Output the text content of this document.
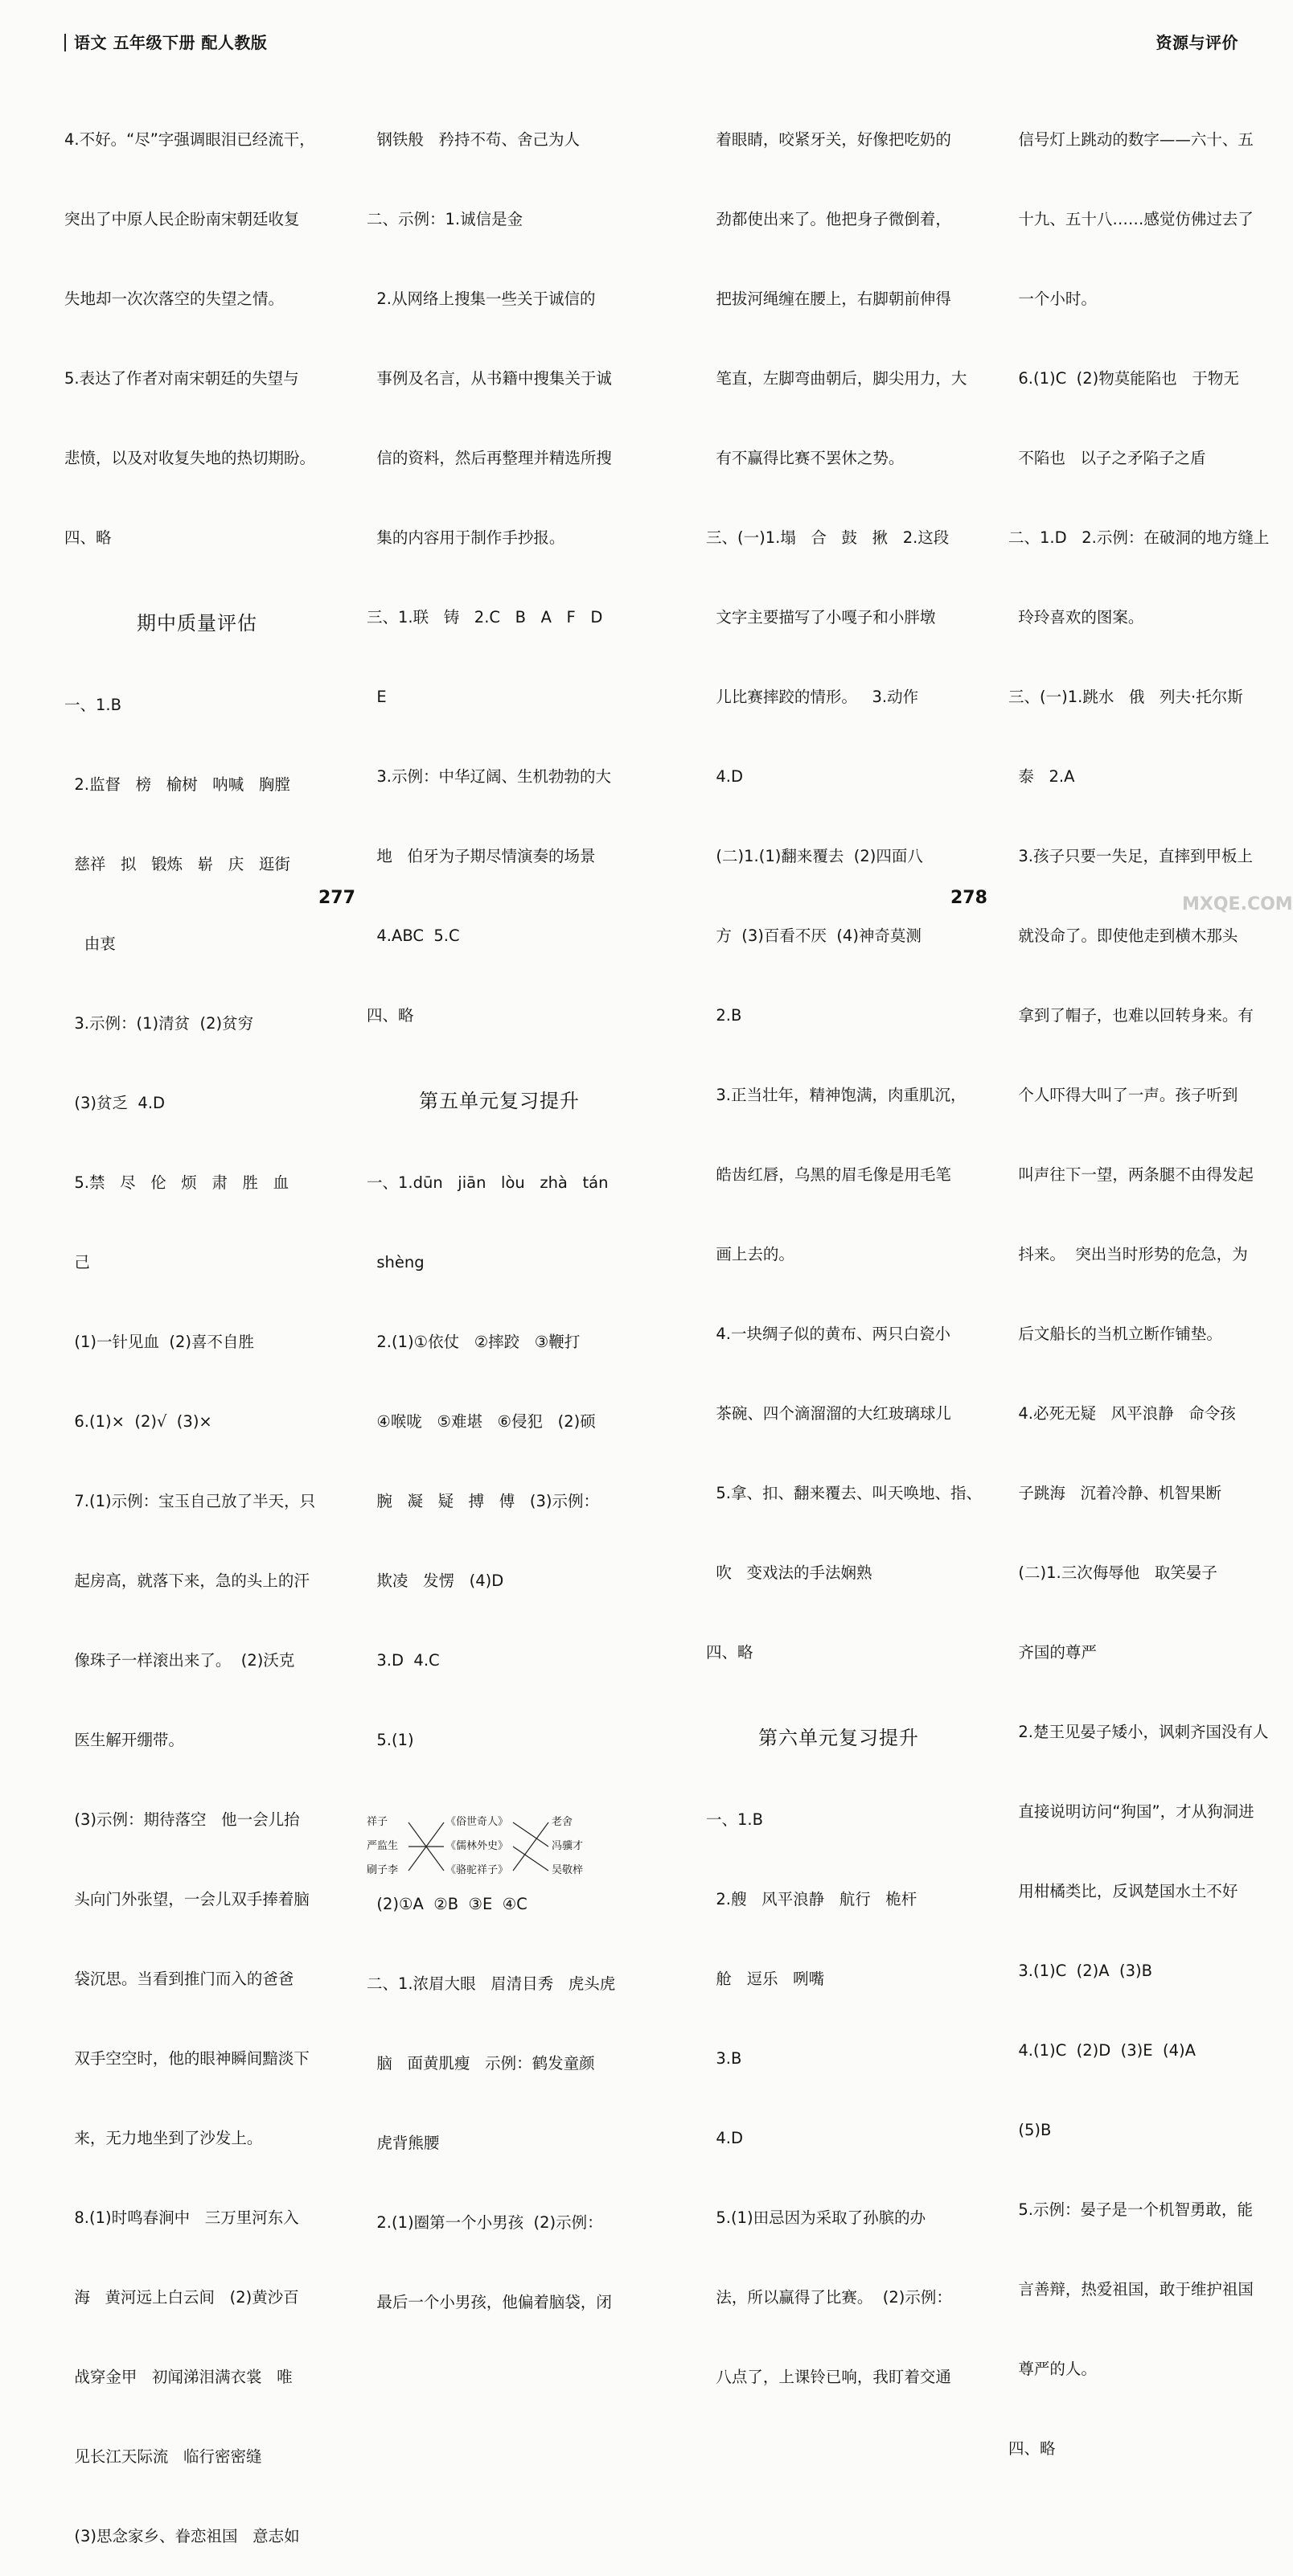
语文 五年级下册 配人教版	资源与评价

4.不好。“尽”字强调眼泪已经流干，

突出了中原人民企盼南宋朝廷收复

失地却一次次落空的失望之情。

5.表达了作者对南宋朝廷的失望与

悲愤，以及对收复失地的热切期盼。

四、略

期中质量评估

一、1.B

2.监督   榜   榆树   呐喊   胸膛

慈祥   拟   锻炼   崭   庆   逛街

由衷

3.示例：(1)清贫  (2)贫穷

(3)贫乏  4.D

5.禁   尽   伦   烦   肃   胜   血

己

(1)一针见血  (2)喜不自胜

6.(1)×  (2)√  (3)×

7.(1)示例：宝玉自己放了半天，只

起房高，就落下来，急的头上的汗

像珠子一样滚出来了。  (2)沃克

医生解开绷带。

(3)示例：期待落空   他一会儿抬

头向门外张望，一会儿双手捧着脑

袋沉思。当看到推门而入的爸爸

双手空空时，他的眼神瞬间黯淡下

来，无力地坐到了沙发上。

8.(1)时鸣春涧中   三万里河东入

海   黄河远上白云间   (2)黄沙百

战穿金甲   初闻涕泪满衣裳   唯

见长江天际流   临行密密缝

(3)思念家乡、眷恋祖国   意志如

钢铁般   矜持不苟、舍己为人

二、示例：1.诚信是金

2.从网络上搜集一些关于诚信的

事例及名言，从书籍中搜集关于诚

信的资料，然后再整理并精选所搜

集的内容用于制作手抄报。

三、1.联   铸   2.C   B   A   F   D

E

3.示例：中华辽阔、生机勃勃的大

地   伯牙为子期尽情演奏的场景

4.ABC  5.C

四、略

第五单元复习提升

一、1.dūn   jiān   lòu   zhà   tán

shèng

2.(1)①依仗   ②摔跤   ③鞭打

④喉咙   ⑤难堪   ⑥侵犯   (2)硕

腕   凝   疑   搏   傅   (3)示例：

欺凌   发愣   (4)D

3.D  4.C

5.(1)

祥子

严监生

刷子李

《俗世奇人》

《儒林外史》

《骆驼祥子》

老舍

冯骥才

吴敬梓

(2)①A  ②B  ③E  ④C

二、1.浓眉大眼   眉清目秀   虎头虎

脑   面黄肌瘦   示例：鹤发童颜

虎背熊腰

2.(1)圈第一个小男孩  (2)示例：

最后一个小男孩，他偏着脑袋，闭

着眼睛，咬紧牙关，好像把吃奶的

劲都使出来了。他把身子微倒着，

把拔河绳缠在腰上，右脚朝前伸得

笔直，左脚弯曲朝后，脚尖用力，大

有不赢得比赛不罢休之势。

三、(一)1.塌   合   鼓   揪   2.这段

文字主要描写了小嘎子和小胖墩

儿比赛摔跤的情形。   3.动作

4.D

(二)1.(1)翻来覆去  (2)四面八

方  (3)百看不厌  (4)神奇莫测

2.B

3.正当壮年，精神饱满，肉重肌沉，

皓齿红唇，乌黑的眉毛像是用毛笔

画上去的。

4.一块绸子似的黄布、两只白瓷小

茶碗、四个滴溜溜的大红玻璃球儿

5.拿、扣、翻来覆去、叫天唤地、指、

吹   变戏法的手法娴熟

四、略

第六单元复习提升

一、1.B

2.艘   风平浪静   航行   桅杆

舱   逗乐   咧嘴

3.B

4.D

5.(1)田忌因为采取了孙膑的办

法，所以赢得了比赛。  (2)示例：

八点了，上课铃已响，我盯着交通

信号灯上跳动的数字——六十、五

十九、五十八……感觉仿佛过去了

一个小时。

6.(1)C  (2)物莫能陷也   于物无

不陷也   以子之矛陷子之盾

二、1.D   2.示例：在破洞的地方缝上

玲玲喜欢的图案。

三、(一)1.跳水   俄   列夫·托尔斯

泰   2.A

3.孩子只要一失足，直摔到甲板上

就没命了。即使他走到横木那头

拿到了帽子，也难以回转身来。有

个人吓得大叫了一声。孩子听到

叫声往下一望，两条腿不由得发起

抖来。  突出当时形势的危急，为

后文船长的当机立断作铺垫。

4.必死无疑   风平浪静   命令孩

子跳海   沉着冷静、机智果断

(二)1.三次侮辱他   取笑晏子

齐国的尊严

2.楚王见晏子矮小，讽刺齐国没有人

直接说明访问“狗国”，才从狗洞进

用柑橘类比，反讽楚国水土不好

3.(1)C  (2)A  (3)B

4.(1)C  (2)D  (3)E  (4)A

(5)B

5.示例：晏子是一个机智勇敢，能

言善辩，热爱祖国，敢于维护祖国

尊严的人。

四、略

277	278	MXQE.COM
